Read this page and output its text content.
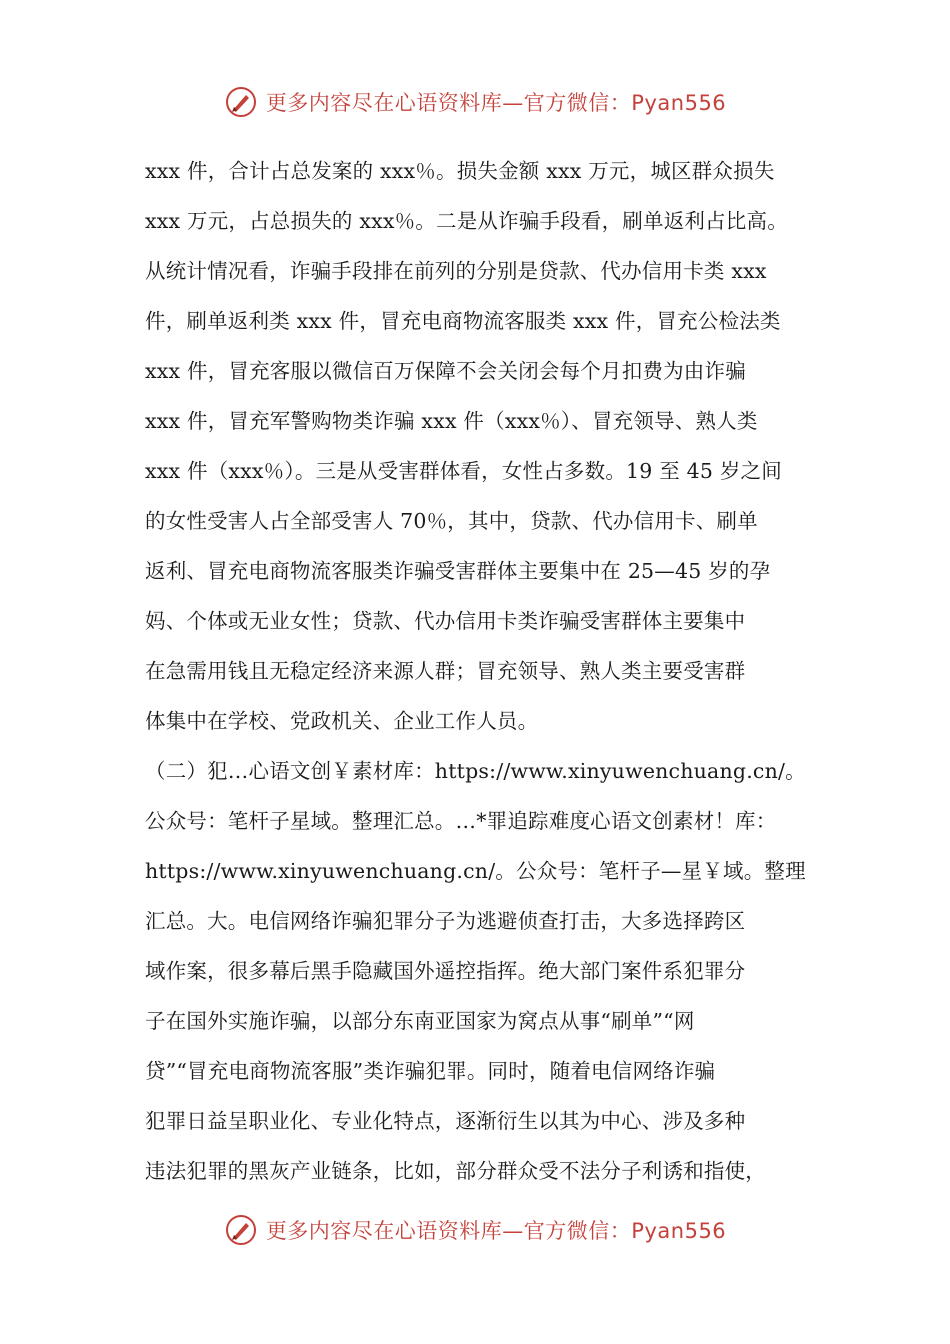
更多内容尽在心语资料库—官方微信：Pyan556
xxx 件，合计占总发案的 xxx％。损失金额 xxx 万元，城区群众损失
xxx 万元，占总损失的 xxx％。二是从诈骗手段看，刷单返利占比高。
从统计情况看，诈骗手段排在前列的分别是贷款、代办信用卡类 xxx
件，刷单返利类 xxx 件，冒充电商物流客服类 xxx 件，冒充公检法类
xxx 件，冒充客服以微信百万保障不会关闭会每个月扣费为由诈骗
xxx 件，冒充军警购物类诈骗 xxx 件（xxx％）、冒充领导、熟人类
xxx 件（xxx％）。三是从受害群体看，女性占多数。19 至 45 岁之间
的女性受害人占全部受害人 70％，其中，贷款、代办信用卡、刷单
返利、冒充电商物流客服类诈骗受害群体主要集中在 25—45 岁的孕
妈、个体或无业女性；贷款、代办信用卡类诈骗受害群体主要集中
在急需用钱且无稳定经济来源人群；冒充领导、熟人类主要受害群
体集中在学校、党政机关、企业工作人员。
（二）犯…心语文创￥素材库：https://www.xinyuwenchuang.cn/。
公众号：笔杆子星域。整理汇总。…*罪追踪难度心语文创素材！库：
https://www.xinyuwenchuang.cn/。公众号：笔杆子—星￥域。整理
汇总。大。电信网络诈骗犯罪分子为逃避侦查打击，大多选择跨区
域作案，很多幕后黑手隐藏国外遥控指挥。绝大部门案件系犯罪分
子在国外实施诈骗，以部分东南亚国家为窝点从事“刷单”“网
贷”“冒充电商物流客服”类诈骗犯罪。同时，随着电信网络诈骗
犯罪日益呈职业化、专业化特点，逐渐衍生以其为中心、涉及多种
违法犯罪的黑灰产业链条，比如，部分群众受不法分子利诱和指使，
更多内容尽在心语资料库—官方微信：Pyan556
